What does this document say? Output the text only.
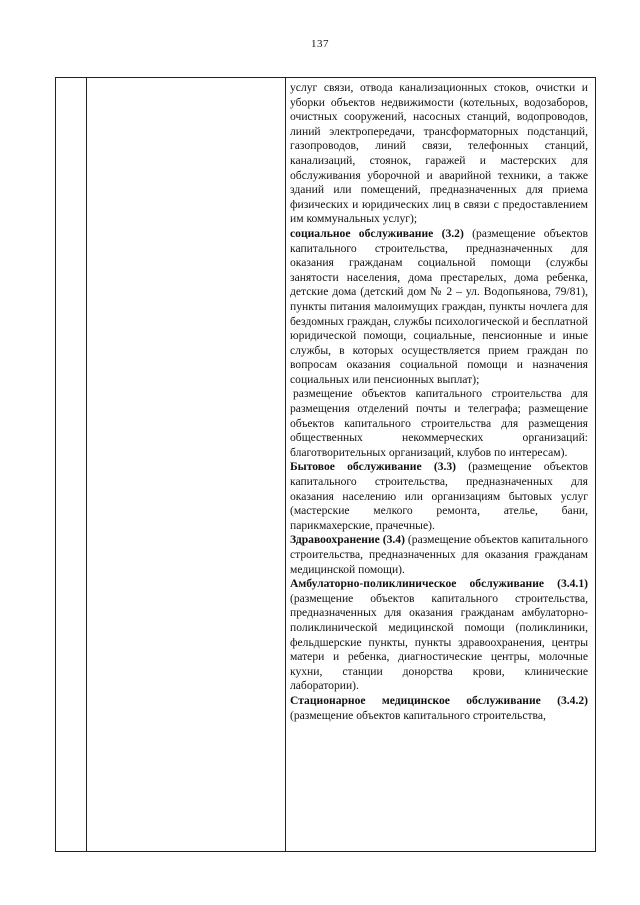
137

услуг связи, отвода канализационных стоков, очистки и уборки объектов недвижимости (котельных, водозаборов, очистных сооружений, насосных станций, водопроводов, линий электропередачи, трансформаторных подстанций, газопроводов, линий связи, телефонных станций, канализаций, стоянок, гаражей и мастерских для обслуживания уборочной и аварийной техники, а также зданий или помещений, предназначенных для приема физических и юридических лиц в связи с предоставлением им коммунальных услуг);

социальное обслуживание (3.2) (размещение объектов капитального строительства, предназначенных для оказания гражданам социальной помощи (службы занятости населения, дома престарелых, дома ребенка, детские дома (детский дом № 2 – ул. Водопьянова, 79/81), пункты питания малоимущих граждан, пункты ночлега для бездомных граждан, службы психологической и бесплатной юридической помощи, социальные, пенсионные и иные службы, в которых осуществляется прием граждан по вопросам оказания социальной помощи и назначения социальных или пенсионных выплат);

размещение объектов капитального строительства для размещения отделений почты и телеграфа; размещение объектов капитального строительства для размещения общественных некоммерческих организаций: благотворительных организаций, клубов по интересам).

Бытовое обслуживание (3.3) (размещение объектов капитального строительства, предназначенных для оказания населению или организациям бытовых услуг (мастерские мелкого ремонта, ателье, бани, парикмахерские, прачечные).

Здравоохранение (3.4) (размещение объектов капитального строительства, предназначенных для оказания гражданам медицинской помощи).

Амбулаторно-поликлиническое обслуживание (3.4.1) (размещение объектов капитального строительства, предназначенных для оказания гражданам амбулаторно-поликлинической медицинской помощи (поликлиники, фельдшерские пункты, пункты здравоохранения, центры матери и ребенка, диагностические центры, молочные кухни, станции донорства крови, клинические лаборатории).

Стационарное медицинское обслуживание (3.4.2) (размещение объектов капитального строительства,
